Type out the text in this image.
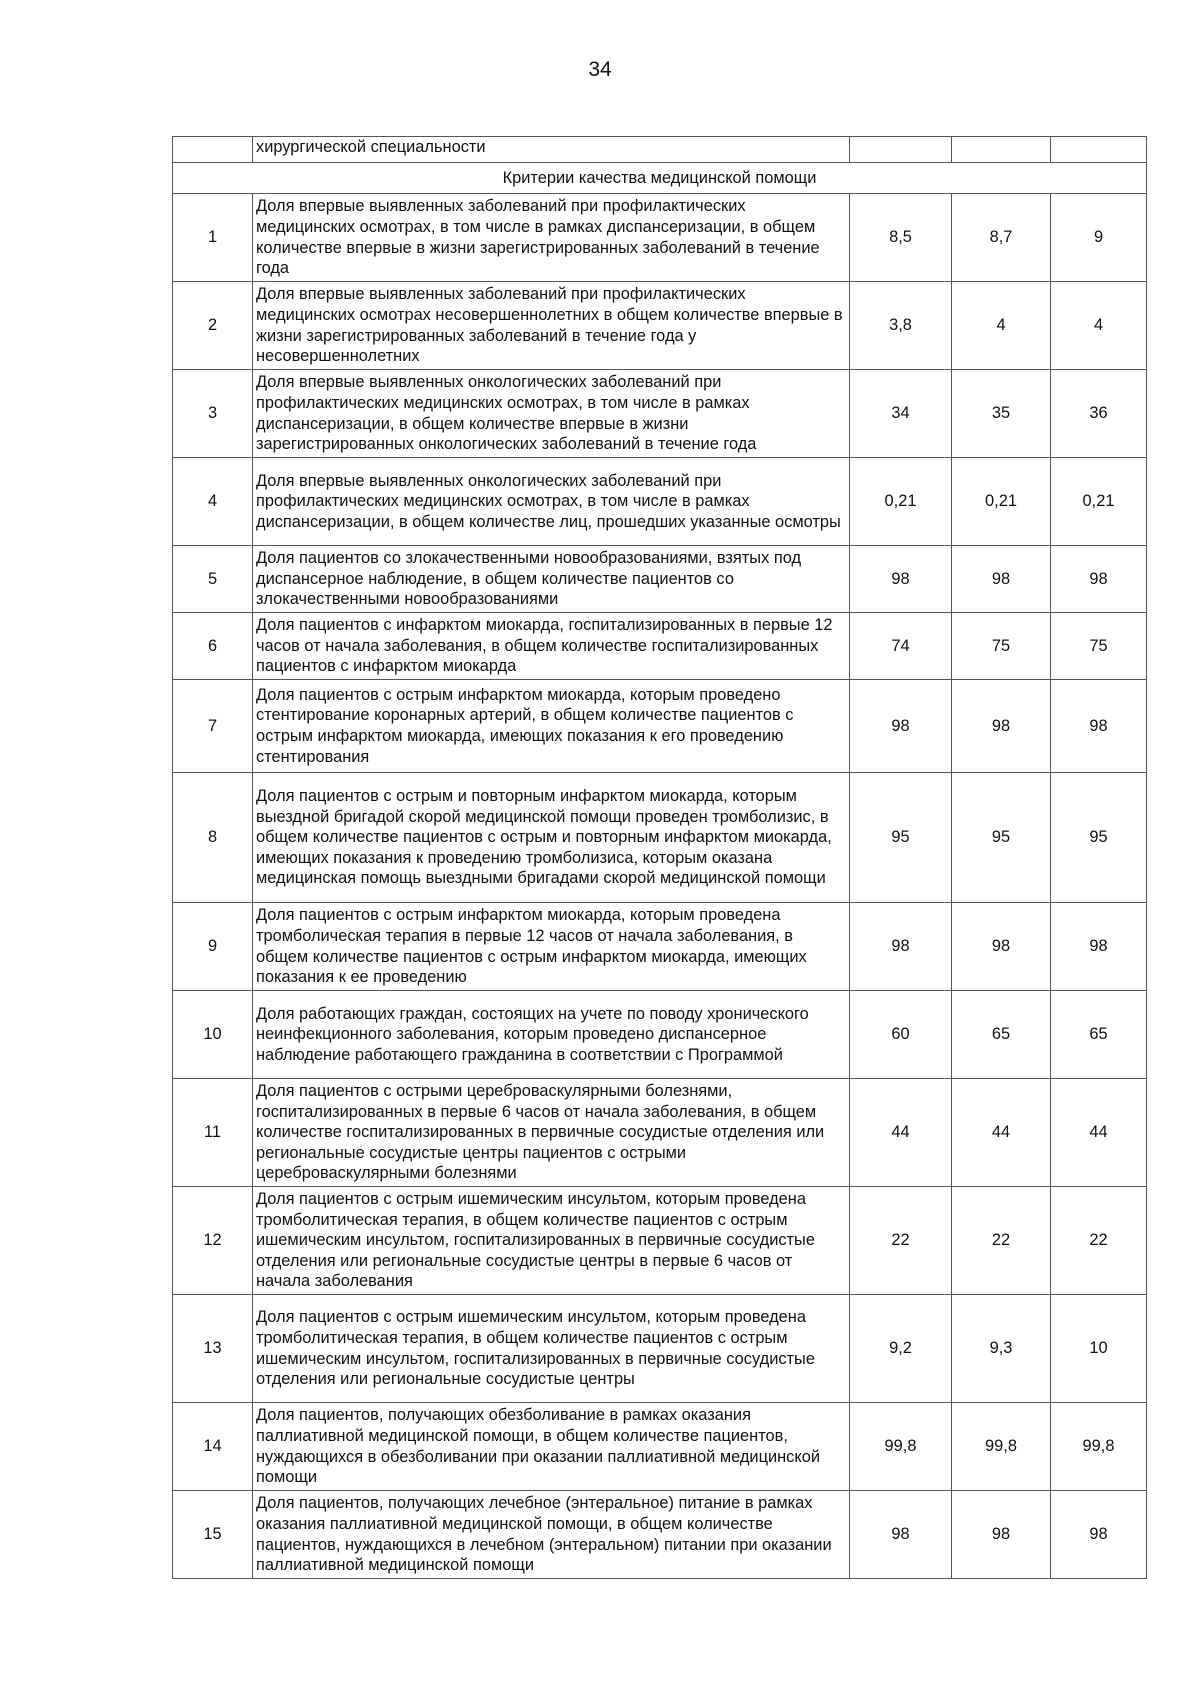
34
	хирургической специальности			
Критерии качества медицинской помощи				
1	Доля впервые выявленных заболеваний при профилактических медицинских осмотрах, в том числе в рамках диспансеризации, в общем количестве впервые в жизни зарегистрированных заболеваний в течение года	8,5	8,7	9
2	Доля впервые выявленных заболеваний при профилактических медицинских осмотрах несовершеннолетних в общем количестве впервые в жизни зарегистрированных заболеваний в течение года у несовершеннолетних	3,8	4	4
3	Доля впервые выявленных онкологических заболеваний при профилактических медицинских осмотрах, в том числе в рамках диспансеризации, в общем количестве впервые в жизни зарегистрированных онкологических заболеваний в течение года	34	35	36
4	Доля впервые выявленных онкологических заболеваний при профилактических медицинских осмотрах, в том числе в рамках диспансеризации, в общем количестве лиц, прошедших указанные осмотры	0,21	0,21	0,21
5	Доля пациентов со злокачественными новообразованиями, взятых под диспансерное наблюдение, в общем количестве пациентов со злокачественными новообразованиями	98	98	98
6	Доля пациентов с инфарктом миокарда, госпитализированных в первые 12 часов от начала заболевания, в общем количестве госпитализированных пациентов с инфарктом миокарда	74	75	75
7	Доля пациентов с острым инфарктом миокарда, которым проведено стентирование коронарных артерий, в общем количестве пациентов с острым инфарктом миокарда, имеющих показания к его проведению стентирования	98	98	98
8	Доля пациентов с острым и повторным инфарктом миокарда, которым выездной бригадой скорой медицинской помощи проведен тромболизис, в общем количестве пациентов с острым и повторным инфарктом миокарда, имеющих показания к проведению тромболизиса, которым оказана медицинская помощь выездными бригадами скорой медицинской помощи	95	95	95
9	Доля пациентов с острым инфарктом миокарда, которым проведена тромболическая терапия в первые 12 часов от начала заболевания, в общем количестве пациентов с острым инфарктом миокарда, имеющих показания к ее проведению	98	98	98
10	Доля работающих граждан, состоящих на учете по поводу хронического неинфекционного заболевания, которым проведено диспансерное наблюдение работающего гражданина в соответствии с Программой	60	65	65
11	Доля пациентов с острыми цереброваскулярными болезнями, госпитализированных в первые 6 часов от начала заболевания, в общем количестве госпитализированных в первичные сосудистые отделения или региональные сосудистые центры пациентов с острыми цереброваскулярными болезнями	44	44	44
12	Доля пациентов с острым ишемическим инсультом, которым проведена тромболитическая терапия, в общем количестве пациентов с острым ишемическим инсультом, госпитализированных в первичные сосудистые отделения или региональные сосудистые центры в первые 6 часов от начала заболевания	22	22	22
13	Доля пациентов с острым ишемическим инсультом, которым проведена тромболитическая терапия, в общем количестве пациентов с острым ишемическим инсультом, госпитализированных в первичные сосудистые отделения или региональные сосудистые центры	9,2	9,3	10
14	Доля пациентов, получающих обезболивание в рамках оказания паллиативной медицинской помощи, в общем количестве пациентов, нуждающихся в обезболивании при оказании паллиативной медицинской помощи	99,8	99,8	99,8
15	Доля пациентов, получающих лечебное (энтеральное) питание в рамках оказания паллиативной медицинской помощи, в общем количестве пациентов, нуждающихся в лечебном (энтеральном) питании при оказании паллиативной медицинской помощи	98	98	98
